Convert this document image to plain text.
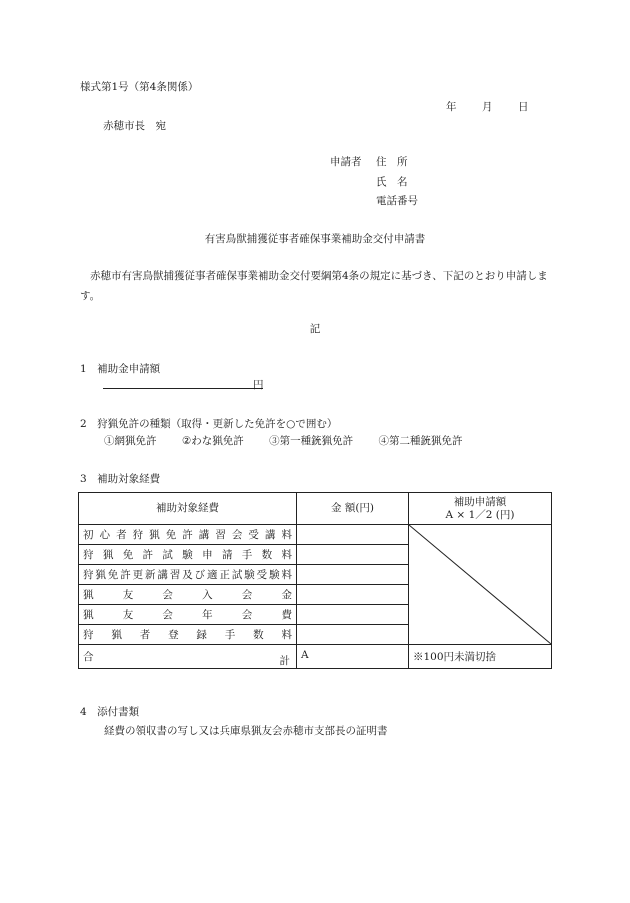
様式第1号（第4条関係）
年 月 日
赤穂市長　宛
申請者 住　所
氏　名
電話番号
有害鳥獣捕獲従事者確保事業補助金交付申請書
赤穂市有害鳥獣捕獲従事者確保事業補助金交付要綱第4条の規定に基づき、下記のとおり申請します。
記
1　補助金申請額
円
2　狩猟免許の種類（取得・更新した免許を○で囲む）
①網猟免許 ②わな猟免許 ③第一種銃猟免許 ④第二種銃猟免許
3　補助対象経費
補助対象経費	金 額(円)	補助申請額
A × 1／2 (円)

初心者狩猟免許講習会受講料		

狩猟免許試験申請手数料		
狩猟免許更新講習及び適正試験受験料		
猟友会入会金		
猟友会年会費		
狩猟者登録手数料		
合 計	A	※100円未満切捨
4　添付書類
経費の領収書の写し又は兵庫県猟友会赤穂市支部長の証明書
